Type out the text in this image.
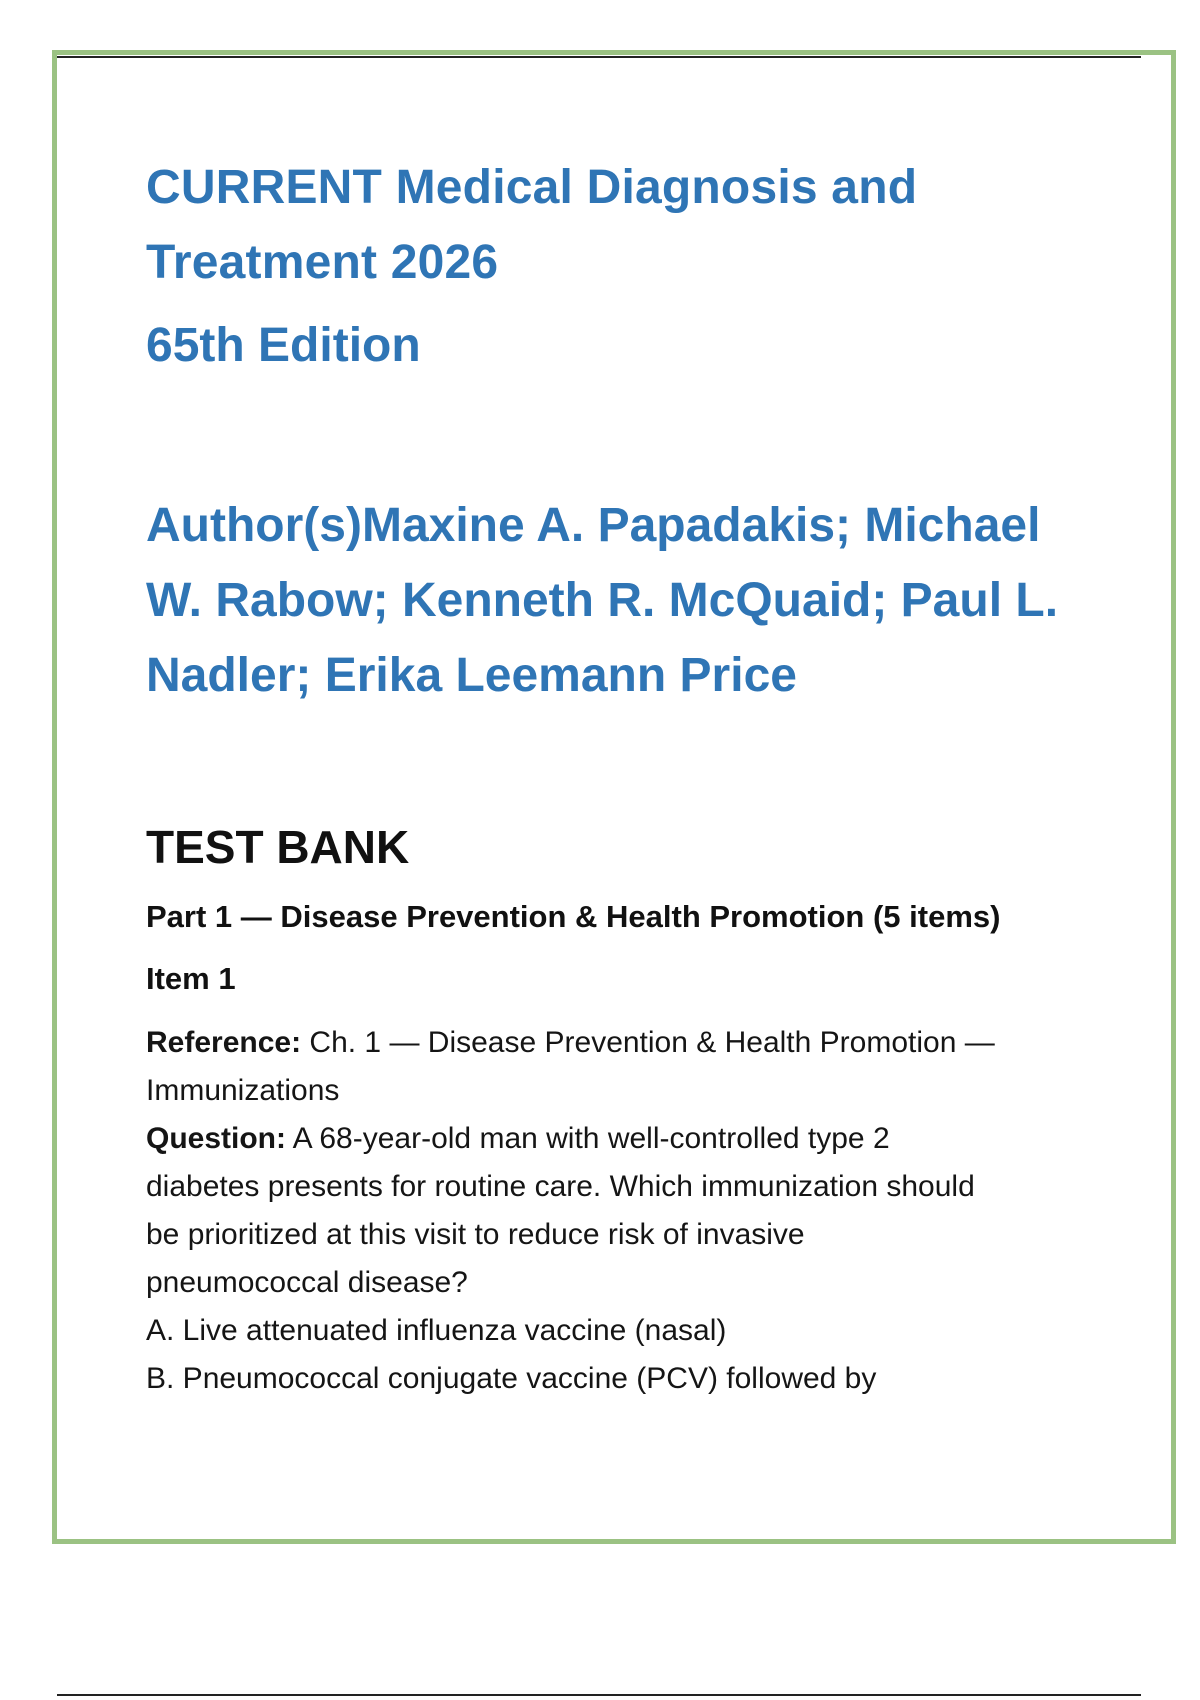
CURRENT Medical Diagnosis and
Treatment 2026
65th Edition
Author(s)Maxine A. Papadakis; Michael
W. Rabow; Kenneth R. McQuaid; Paul L.
Nadler; Erika Leemann Price
TEST BANK
Part 1 — Disease Prevention & Health Promotion (5 items)
Item 1

Reference: Ch. 1 — Disease Prevention & Health Promotion —

Immunizations

Question: A 68-year-old man with well-controlled type 2

diabetes presents for routine care. Which immunization should

be prioritized at this visit to reduce risk of invasive

pneumococcal disease?

A. Live attenuated influenza vaccine (nasal)

B. Pneumococcal conjugate vaccine (PCV) followed by
